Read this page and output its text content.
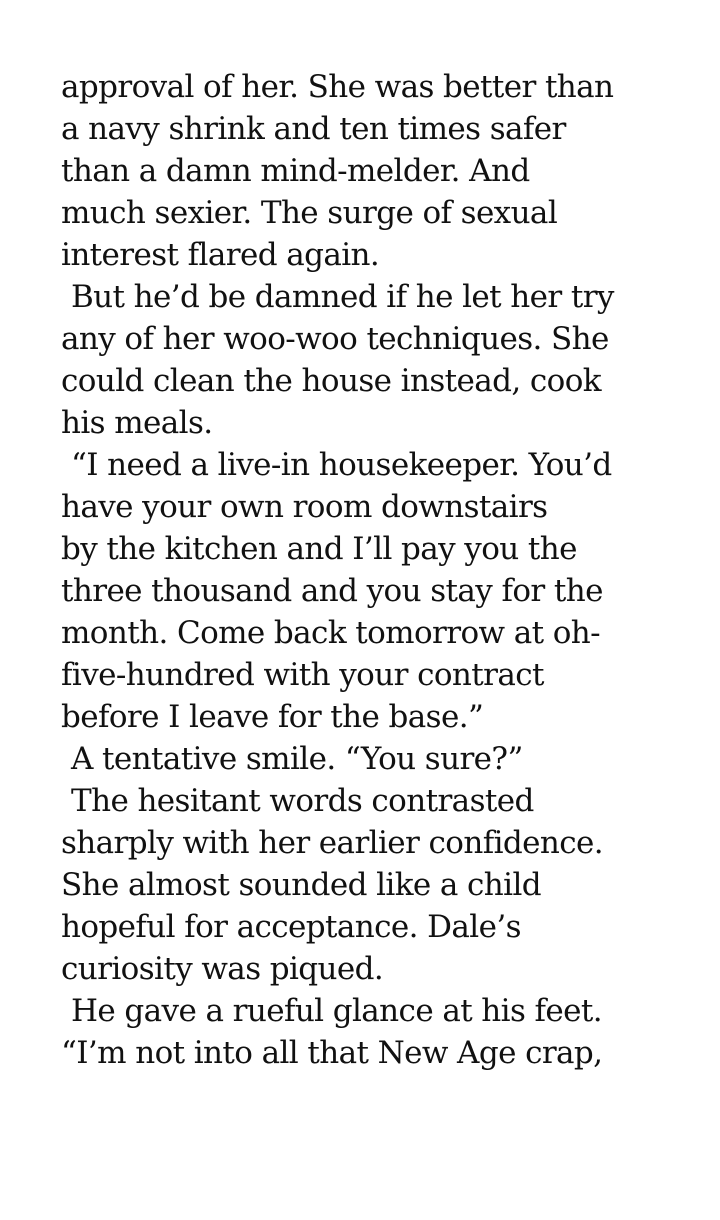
approval of her. She was better than
a navy shrink and ten times safer
than a damn mind-melder. And
much sexier. The surge of sexual
interest flared again.
But he’d be damned if he let her try
any of her woo-woo techniques. She
could clean the house instead, cook
his meals.
“I need a live-in housekeeper. You’d
have your own room downstairs
by the kitchen and I’ll pay you the
three thousand and you stay for the
month. Come back tomorrow at oh-
five-hundred with your contract
before I leave for the base.”
A tentative smile. “You sure?”
The hesitant words contrasted
sharply with her earlier confidence.
She almost sounded like a child
hopeful for acceptance. Dale’s
curiosity was piqued.
He gave a rueful glance at his feet.
“I’m not into all that New Age crap,
